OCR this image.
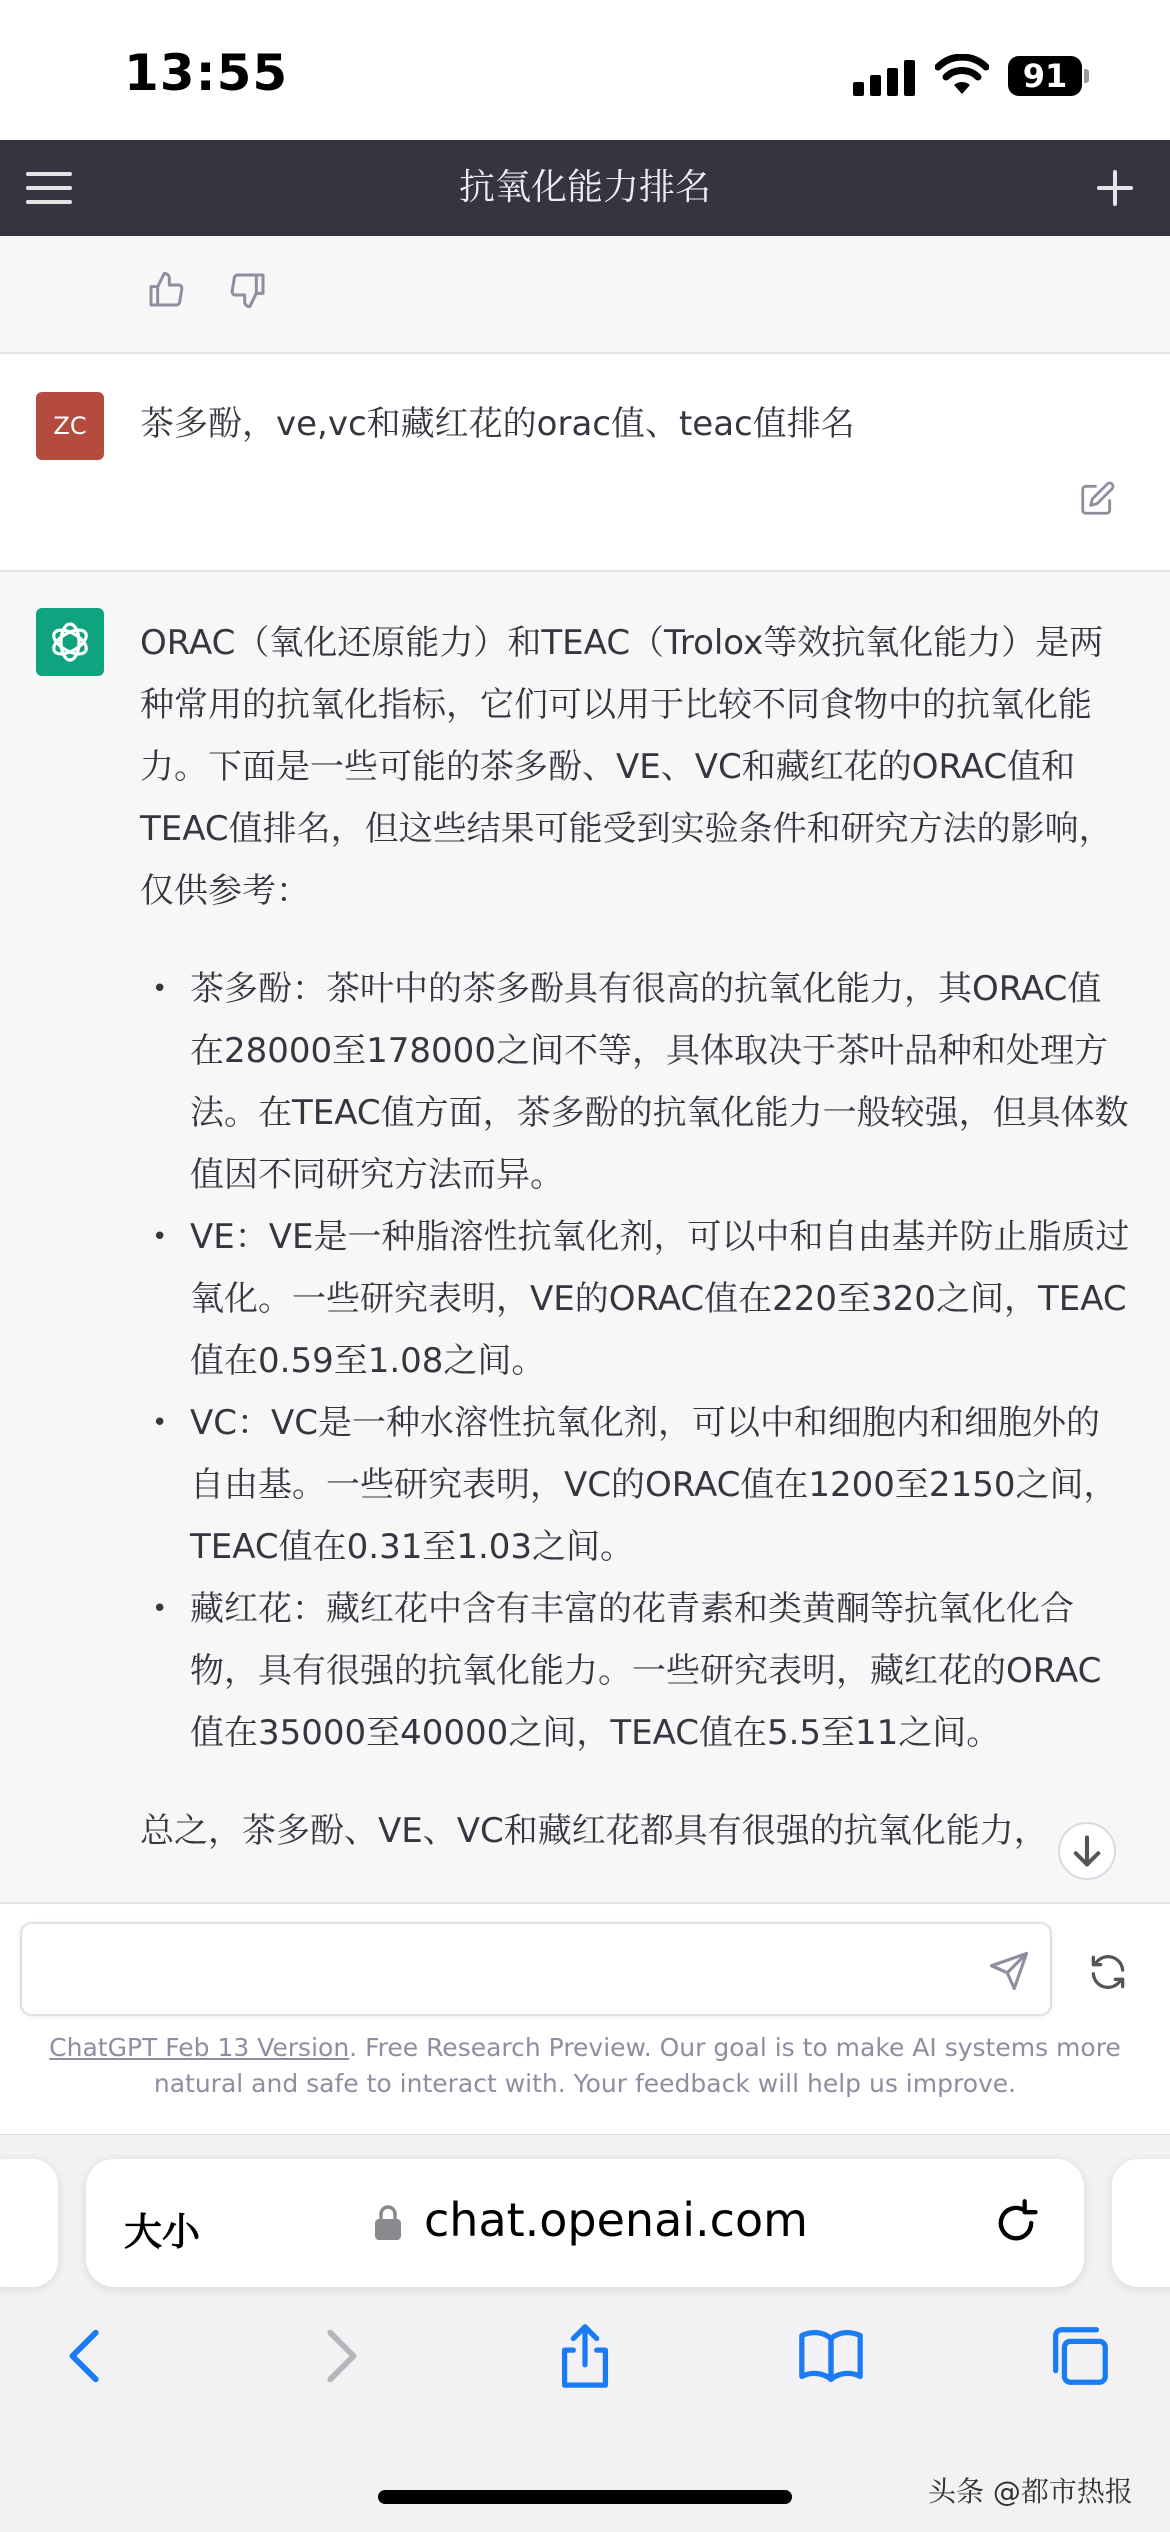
13:55	91
抗氧化能力排名
ZC	茶多酚，ve,vc和藏红花的orac值、teac值排名

ORAC（氧化还原能力）和TEAC（Trolox等效抗氧化能力）是两种常用的抗氧化指标，它们可以用于比较不同食物中的抗氧化能力。下面是一些可能的茶多酚、VE、VC和藏红花的ORAC值和TEAC值排名，但这些结果可能受到实验条件和研究方法的影响，仅供参考：

• 茶多酚：茶叶中的茶多酚具有很高的抗氧化能力，其ORAC值在28000至178000之间不等，具体取决于茶叶品种和处理方法。在TEAC值方面，茶多酚的抗氧化能力一般较强，但具体数值因不同研究方法而异。
• VE：VE是一种脂溶性抗氧化剂，可以中和自由基并防止脂质过氧化。一些研究表明，VE的ORAC值在220至320之间，TEAC值在0.59至1.08之间。
• VC：VC是一种水溶性抗氧化剂，可以中和细胞内和细胞外的自由基。一些研究表明，VC的ORAC值在1200至2150之间，TEAC值在0.31至1.03之间。
• 藏红花：藏红花中含有丰富的花青素和类黄酮等抗氧化化合物，具有很强的抗氧化能力。一些研究表明，藏红花的ORAC值在35000至40000之间，TEAC值在5.5至11之间。

总之，茶多酚、VE、VC和藏红花都具有很强的抗氧化能力，

ChatGPT Feb 13 Version. Free Research Preview. Our goal is to make AI systems more natural and safe to interact with. Your feedback will help us improve.
大小	chat.openai.com
头条 @都市热报
